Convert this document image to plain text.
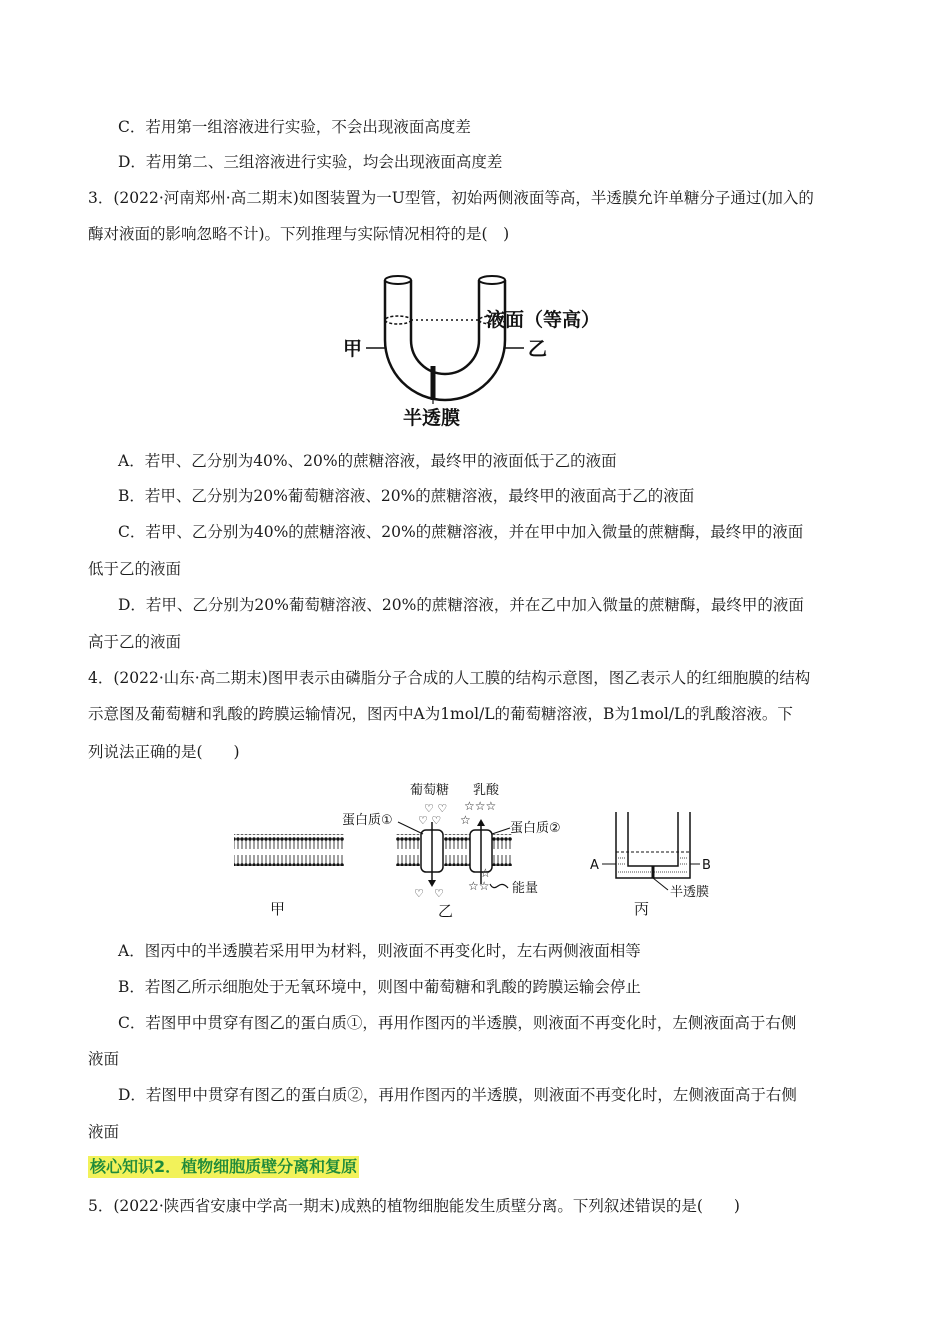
C．若用第一组溶液进行实验，不会出现液面高度差
D．若用第二、三组溶液进行实验，均会出现液面高度差
3．(2022·河南郑州·高二期末)如图装置为一U型管，初始两侧液面等高，半透膜允许单糖分子通过(加入的
酶对液面的影响忽略不计)。下列推理与实际情况相符的是(　)
甲	乙
液面（等高）
半透膜
A．若甲、乙分别为40%、20%的蔗糖溶液，最终甲的液面低于乙的液面
B．若甲、乙分别为20%葡萄糖溶液、20%的蔗糖溶液，最终甲的液面高于乙的液面
C．若甲、乙分别为40%的蔗糖溶液、20%的蔗糖溶液，并在甲中加入微量的蔗糖酶，最终甲的液面
低于乙的液面
D．若甲、乙分别为20%葡萄糖溶液、20%的蔗糖溶液，并在乙中加入微量的蔗糖酶，最终甲的液面
高于乙的液面
4．(2022·山东·高二期末)图甲表示由磷脂分子合成的人工膜的结构示意图，图乙表示人的红细胞膜的结构
示意图及葡萄糖和乳酸的跨膜运输情况，图丙中A为1mol/L的葡萄糖溶液，B为1mol/L的乳酸溶液。下
列说法正确的是(　　)
甲
♡ ♡
♡ ♡
♡ ♡
☆☆☆
☆
☆☆
☆
能量
葡萄糖 乳酸
蛋白质①
蛋白质②
乙
A	B
半透膜
丙
A．图丙中的半透膜若采用甲为材料，则液面不再变化时，左右两侧液面相等
B．若图乙所示细胞处于无氧环境中，则图中葡萄糖和乳酸的跨膜运输会停止
C．若图甲中贯穿有图乙的蛋白质①，再用作图丙的半透膜，则液面不再变化时，左侧液面高于右侧
液面
D．若图甲中贯穿有图乙的蛋白质②，再用作图丙的半透膜，则液面不再变化时，左侧液面高于右侧
液面
核心知识2．植物细胞质壁分离和复原
5．(2022·陕西省安康中学高一期末)成熟的植物细胞能发生质壁分离。下列叙述错误的是(　　)
